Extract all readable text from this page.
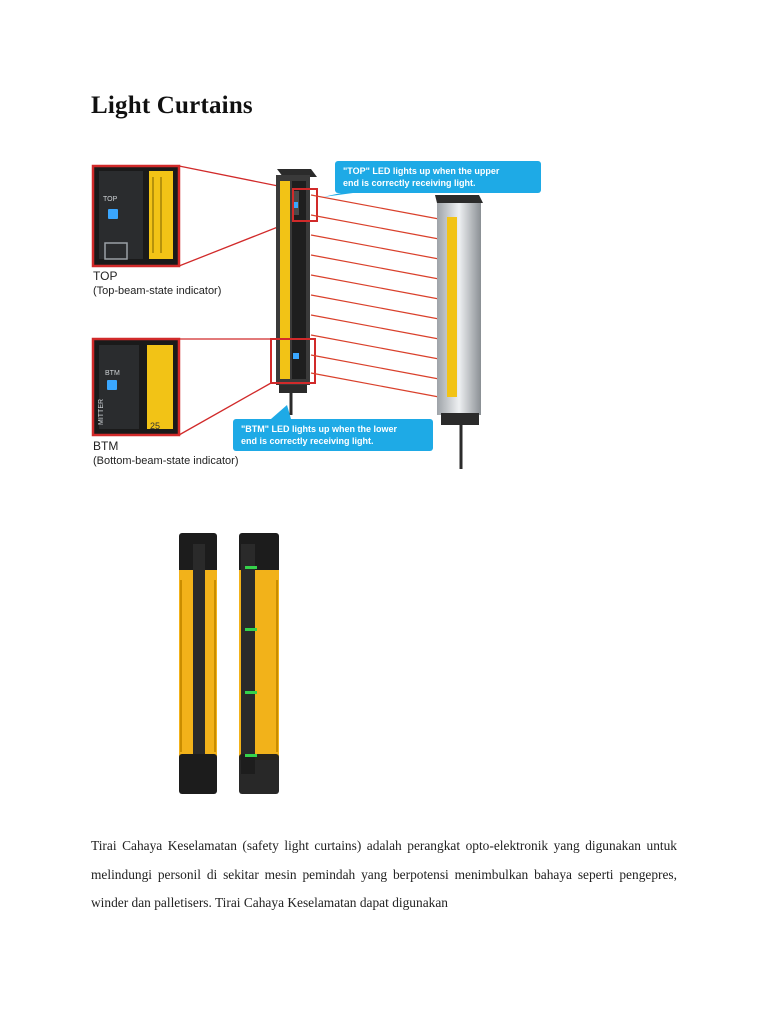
Light Curtains
TOP
TOP
(Top-beam-state indicator)
BTM
MITTER
25
BTM
(Bottom-beam-state indicator)
"TOP" LED lights up when the upper
end is correctly receiving light.
"BTM" LED lights up when the lower
end is correctly receiving light.

Tirai Cahaya Keselamatan (safety light curtains) adalah perangkat opto-elektronik yang digunakan untuk melindungi personil di sekitar mesin pemindah yang berpotensi menimbulkan bahaya seperti pengepres, winder dan palletisers. Tirai Cahaya Keselamatan dapat digunakan
